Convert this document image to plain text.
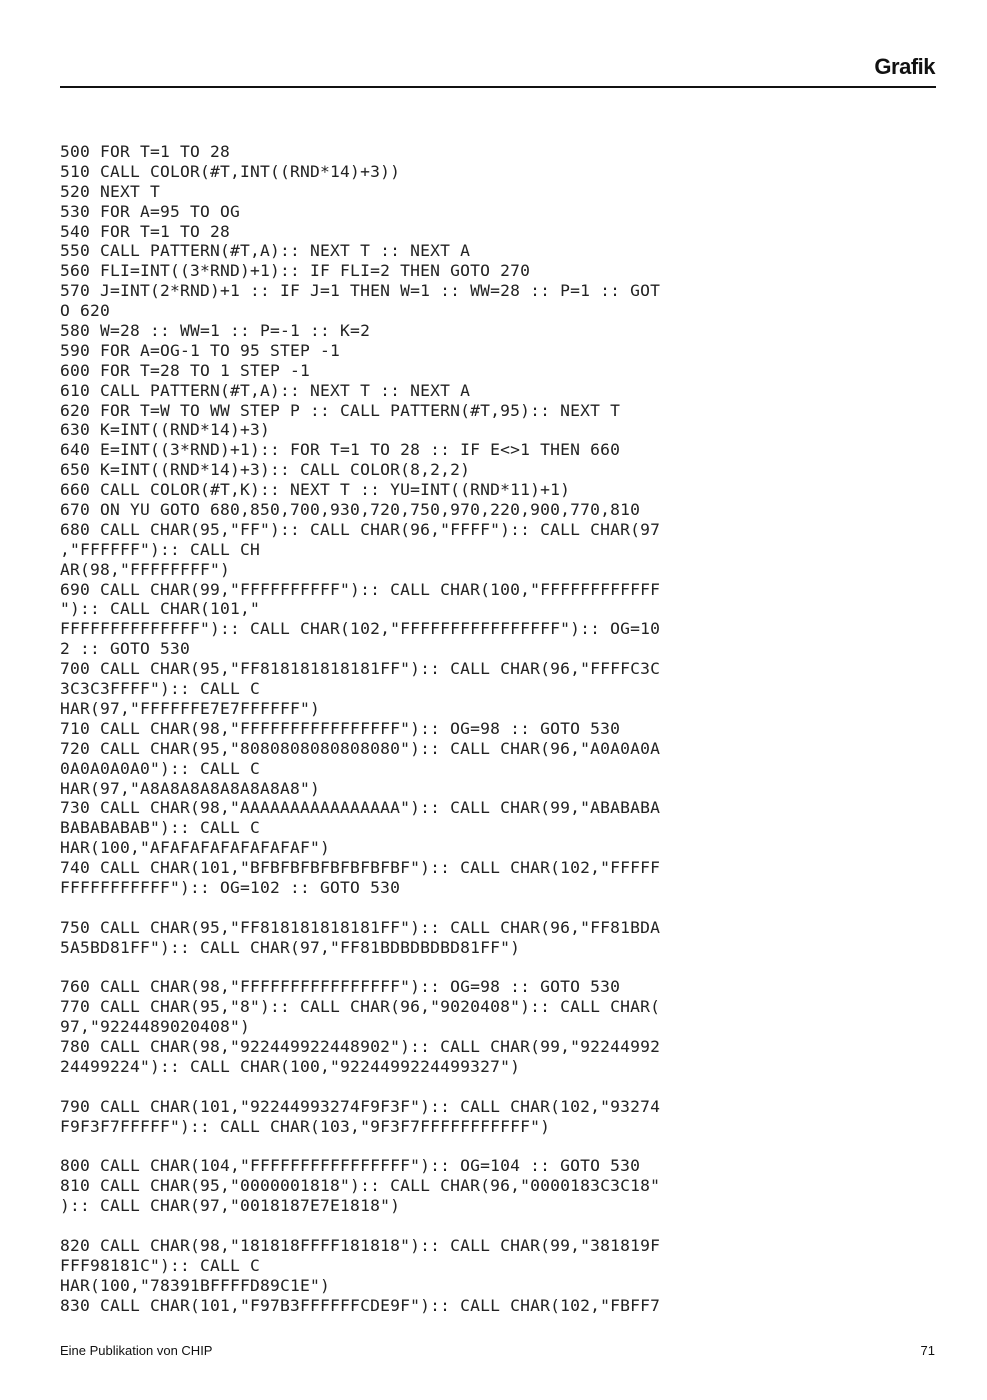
Grafik
500 FOR T=1 TO 28
510 CALL COLOR(#T,INT((RND*14)+3))
520 NEXT T
530 FOR A=95 TO OG
540 FOR T=1 TO 28
550 CALL PATTERN(#T,A):: NEXT T :: NEXT A
560 FLI=INT((3*RND)+1):: IF FLI=2 THEN GOTO 270
570 J=INT(2*RND)+1 :: IF J=1 THEN W=1 :: WW=28 :: P=1 :: GOT
O 620
580 W=28 :: WW=1 :: P=-1 :: K=2
590 FOR A=OG-1 TO 95 STEP -1
600 FOR T=28 TO 1 STEP -1
610 CALL PATTERN(#T,A):: NEXT T :: NEXT A
620 FOR T=W TO WW STEP P :: CALL PATTERN(#T,95):: NEXT T
630 K=INT((RND*14)+3)
640 E=INT((3*RND)+1):: FOR T=1 TO 28 :: IF E<>1 THEN 660
650 K=INT((RND*14)+3):: CALL COLOR(8,2,2)
660 CALL COLOR(#T,K):: NEXT T :: YU=INT((RND*11)+1)
670 ON YU GOTO 680,850,700,930,720,750,970,220,900,770,810
680 CALL CHAR(95,"FF"):: CALL CHAR(96,"FFFF"):: CALL CHAR(97
,"FFFFFF"):: CALL CH
AR(98,"FFFFFFFF")
690 CALL CHAR(99,"FFFFFFFFFF"):: CALL CHAR(100,"FFFFFFFFFFFF
"):: CALL CHAR(101,"
FFFFFFFFFFFFFF"):: CALL CHAR(102,"FFFFFFFFFFFFFFFF"):: OG=10
2 :: GOTO 530
700 CALL CHAR(95,"FF818181818181FF"):: CALL CHAR(96,"FFFFC3C
3C3C3FFFF"):: CALL C
HAR(97,"FFFFFFE7E7FFFFFF")
710 CALL CHAR(98,"FFFFFFFFFFFFFFFF"):: OG=98 :: GOTO 530
720 CALL CHAR(95,"8080808080808080"):: CALL CHAR(96,"A0A0A0A
0A0A0A0A0"):: CALL C
HAR(97,"A8A8A8A8A8A8A8A8")
730 CALL CHAR(98,"AAAAAAAAAAAAAAAA"):: CALL CHAR(99,"ABABABA
BABABABAB"):: CALL C
HAR(100,"AFAFAFAFAFAFAFAF")
740 CALL CHAR(101,"BFBFBFBFBFBFBFBF"):: CALL CHAR(102,"FFFFF
FFFFFFFFFFF"):: OG=102 :: GOTO 530
750 CALL CHAR(95,"FF818181818181FF"):: CALL CHAR(96,"FF81BDA
5A5BD81FF"):: CALL CHAR(97,"FF81BDBDBDBD81FF")
760 CALL CHAR(98,"FFFFFFFFFFFFFFFF"):: OG=98 :: GOTO 530
770 CALL CHAR(95,"8"):: CALL CHAR(96,"9020408"):: CALL CHAR(
97,"9224489020408")
780 CALL CHAR(98,"922449922448902"):: CALL CHAR(99,"92244992
24499224"):: CALL CHAR(100,"9224499224499327")
790 CALL CHAR(101,"92244993274F9F3F"):: CALL CHAR(102,"93274
F9F3F7FFFFF"):: CALL CHAR(103,"9F3F7FFFFFFFFFFF")
800 CALL CHAR(104,"FFFFFFFFFFFFFFFF"):: OG=104 :: GOTO 530
810 CALL CHAR(95,"0000001818"):: CALL CHAR(96,"0000183C3C18"
):: CALL CHAR(97,"0018187E7E1818")
820 CALL CHAR(98,"181818FFFF181818"):: CALL CHAR(99,"381819F
FFF98181C"):: CALL C
HAR(100,"78391BFFFFD89C1E")
830 CALL CHAR(101,"F97B3FFFFFFCDE9F"):: CALL CHAR(102,"FBFF7
Eine Publikation von CHIP	71
